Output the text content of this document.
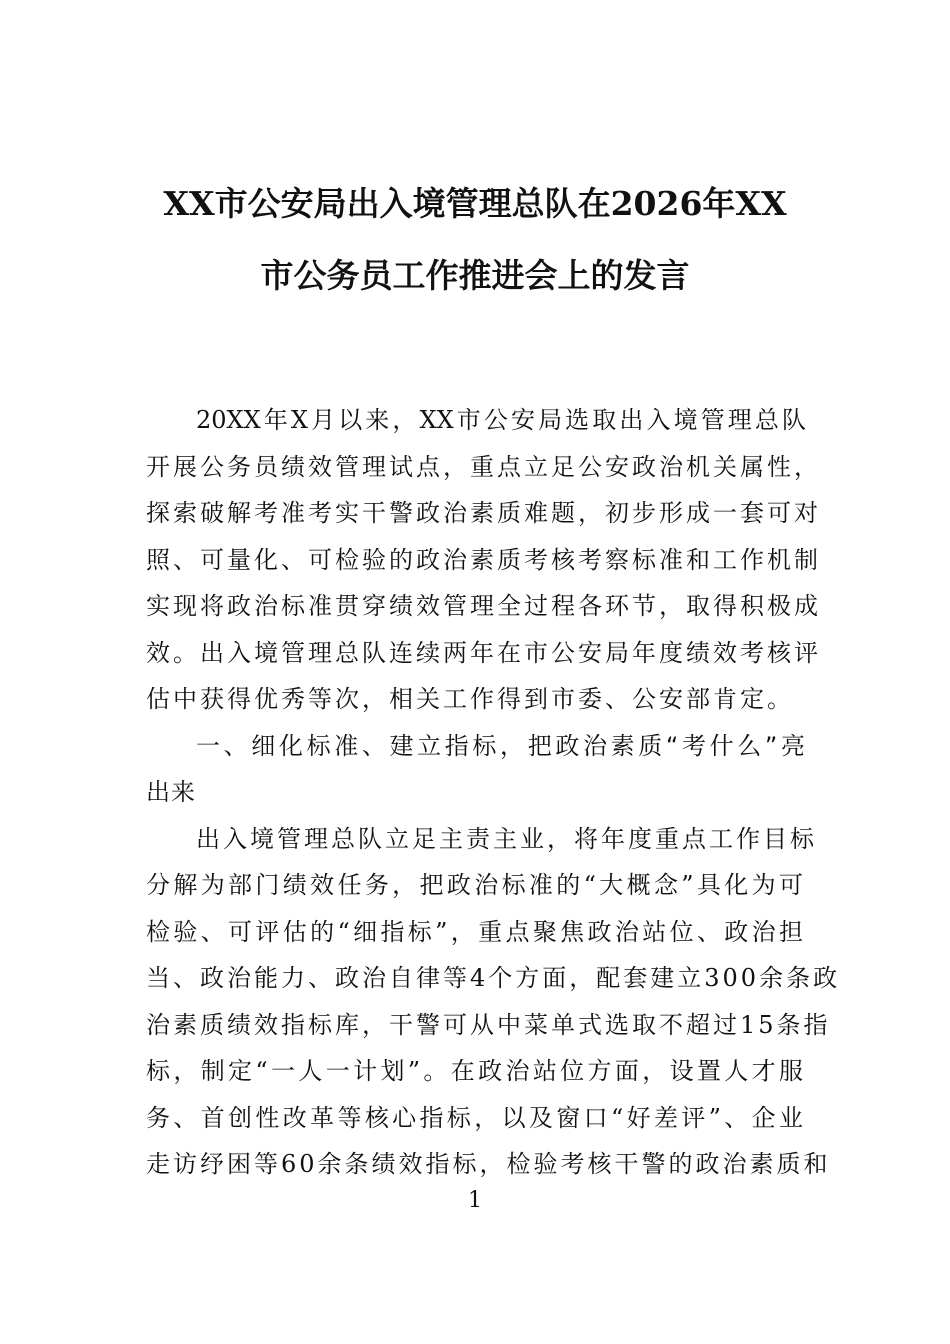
XX市公安局出入境管理总队在2026年XX
市公务员工作推进会上的发言
20XX年X月以来，XX市公安局选取出入境管理总队
开展公务员绩效管理试点，重点立足公安政治机关属性，
探索破解考准考实干警政治素质难题，初步形成一套可对
照、可量化、可检验的政治素质考核考察标准和工作机制
实现将政治标准贯穿绩效管理全过程各环节，取得积极成
效。出入境管理总队连续两年在市公安局年度绩效考核评
估中获得优秀等次，相关工作得到市委、公安部肯定。
一、细化标准、建立指标，把政治素质“考什么”亮
出来
出入境管理总队立足主责主业，将年度重点工作目标
分解为部门绩效任务，把政治标准的“大概念”具化为可
检验、可评估的“细指标”，重点聚焦政治站位、政治担
当、政治能力、政治自律等4个方面，配套建立300余条政
治素质绩效指标库，干警可从中菜单式选取不超过15条指
标，制定“一人一计划”。在政治站位方面，设置人才服
务、首创性改革等核心指标，以及窗口“好差评”、企业
走访纾困等60余条绩效指标，检验考核干警的政治素质和
1
